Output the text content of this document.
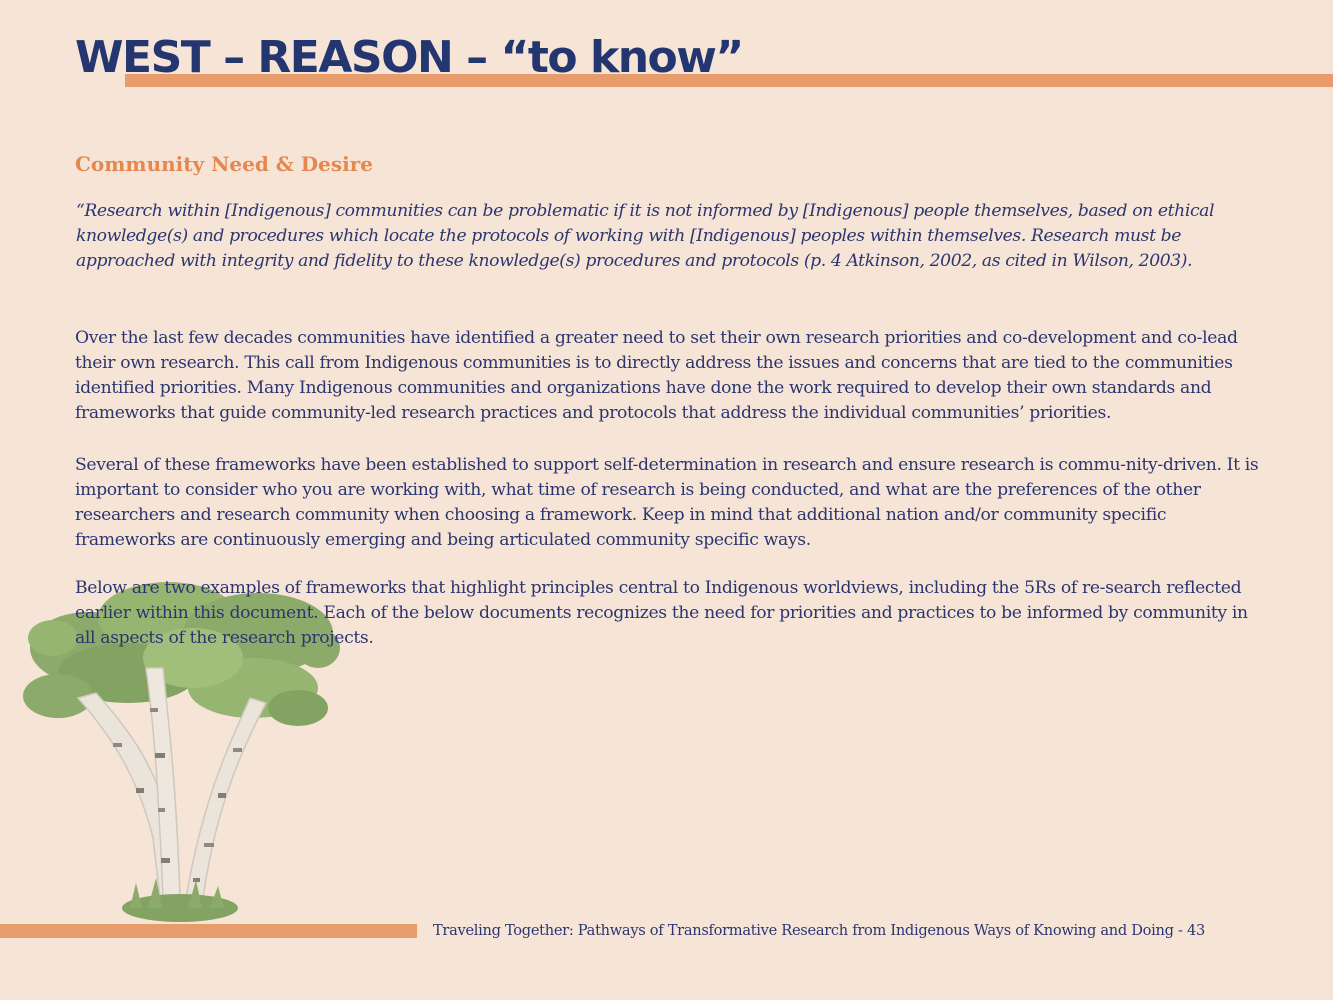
WEST – REASON – “to know”
Community Need & Desire

“Research within [Indigenous] communities can be problematic if it is not informed by [Indigenous] people themselves, based on ethical knowledge(s) and procedures which locate the protocols of working with [Indigenous] peoples within themselves. Research must be approached with integrity and fidelity to these knowledge(s) procedures and protocols (p. 4 Atkinson, 2002, as cited in Wilson, 2003).

Over the last few decades communities have identified a greater need to set their own research priorities and co-development and co-lead their own research. This call from Indigenous communities is to directly address the issues and concerns that are tied to the communities identified priorities. Many Indigenous communities and organizations have done the work required to develop their own standards and frameworks that guide community-led research practices and protocols that address the individual communities’ priorities.

Several of these frameworks have been established to support self-determination in research and ensure research is commu-nity-driven. It is important to consider who you are working with, what time of research is being conducted, and what are the preferences of the other researchers and research community when choosing a framework. Keep in mind that additional nation and/or community specific frameworks are continuously emerging and being articulated community specific ways.

Below are two examples of frameworks that highlight principles central to Indigenous worldviews, including the 5Rs of re-search reflected earlier within this document. Each of the below documents recognizes the need for priorities and practices to be informed by community in all aspects of the research projects.

Traveling Together: Pathways of Transformative Research from Indigenous Ways of Knowing and Doing - 43
